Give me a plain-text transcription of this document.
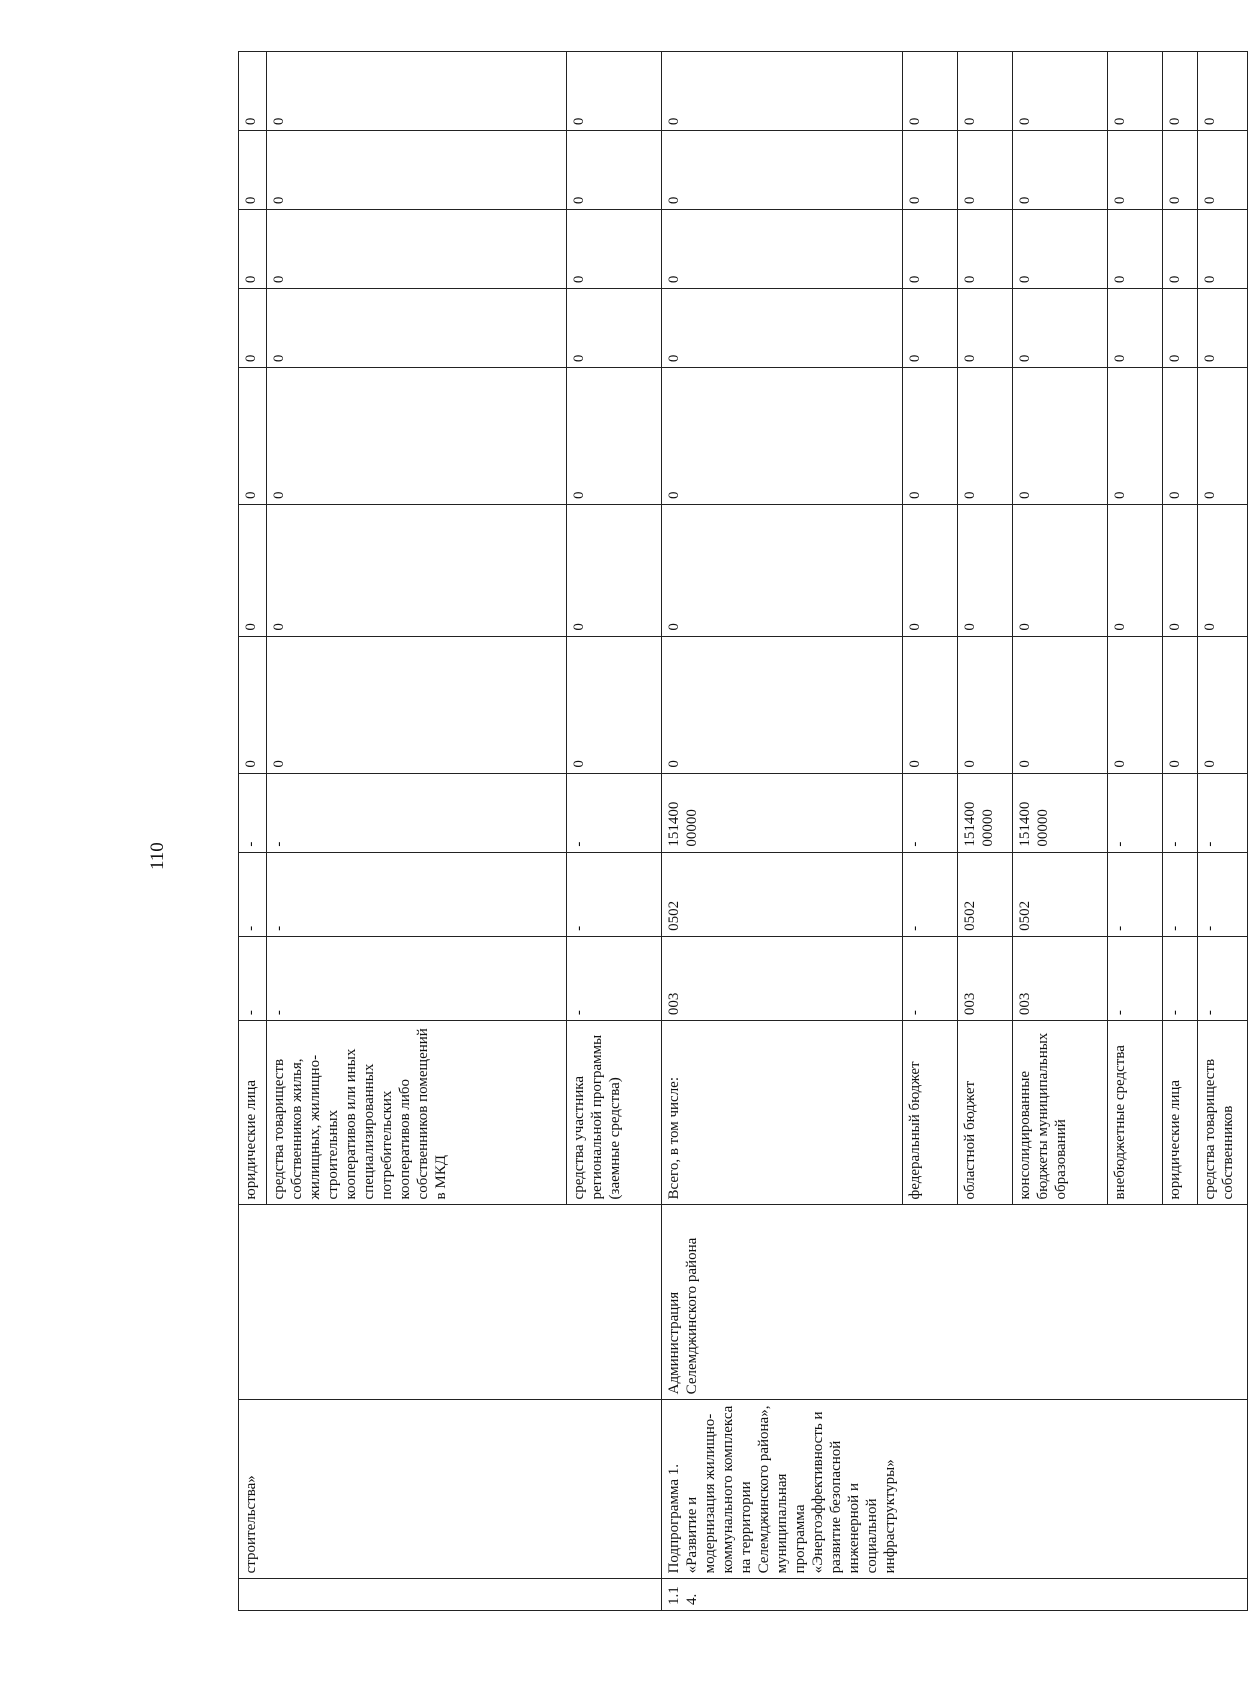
110
	строительства»		юридические лица	-	-	-	0	0	0	0	0	0	0
			средства товариществ собственников жилья, жилищных, жилищно-строительных кооперативов или иных специализированных потребительских кооперативов либо собственников помещений в МКД	-	-	-	0	0	0	0	0	0	0
			средства участника региональной программы (заемные средства)	-	-	-	0	0	0	0	0	0	0
1.14.	Подпрограмма 1. «Развитие и модернизация жилищно-коммунального комплекса на территории Селемджинского района», муниципальная программа «Энергоэффективность и развитие безопасной инженерной и социальной инфраструктуры»	Администрация Селемджинского района	Всего, в том числе:	003	0502	151400 00000	0	0	0	0	0	0	0
			федеральный бюджет	-	-	-	0	0	0	0	0	0	0
			областной бюджет	003	0502	151400 00000	0	0	0	0	0	0	0
			консолидированные бюджеты муниципальных образований	003	0502	151400 00000	0	0	0	0	0	0	0
			внебюджетные средства	-	-	-	0	0	0	0	0	0	0
			юридические лица	-	-	-	0	0	0	0	0	0	0
			средства товариществ собственников	-	-	-	0	0	0	0	0	0	0
